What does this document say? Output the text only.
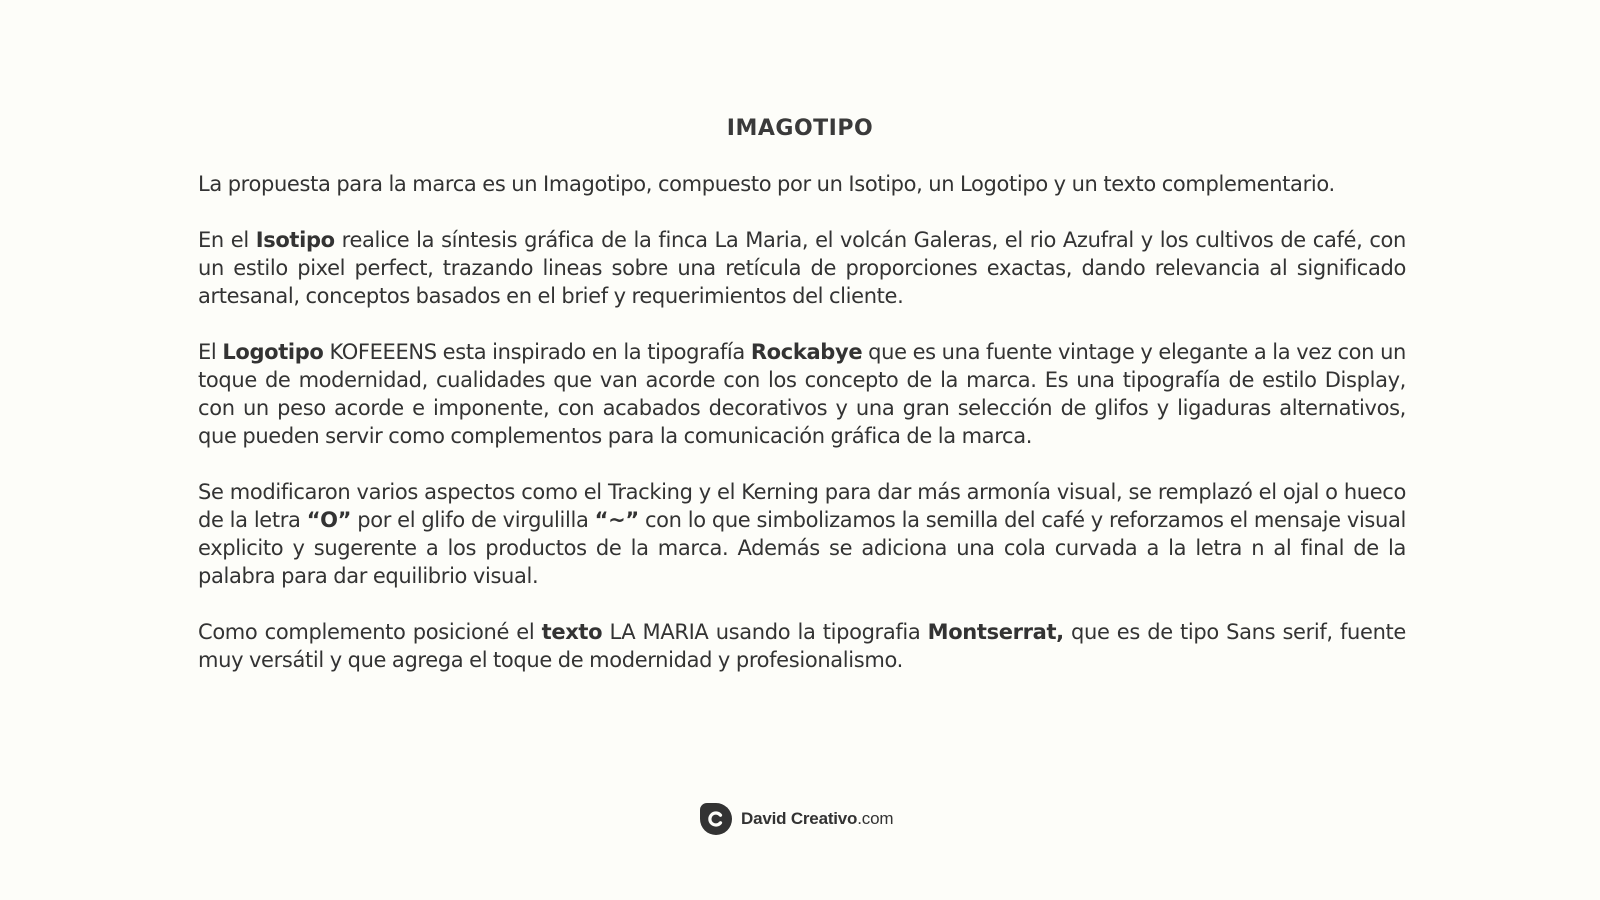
IMAGOTIPO

La propuesta para la marca es un Imagotipo, compuesto por un Isotipo, un Logotipo y un texto complementario.

En el Isotipo realice la síntesis gráfica de la finca La Maria, el volcán Galeras, el rio Azufral y los cultivos de café, con un estilo pixel perfect, trazando lineas sobre una retícula de proporciones exactas, dando relevancia al significado artesanal, conceptos basados en el brief y requerimientos del cliente.

El Logotipo KOFEEENS esta inspirado en la tipografía Rockabye que es una fuente vintage y elegante a la vez con un toque de modernidad, cualidades que van acorde con los concepto de la marca. Es una tipografía de estilo Display, con un peso acorde e imponente, con acabados decorativos y una gran selección de glifos y ligaduras alternativos, que pueden servir como complementos para la comunicación gráfica de la marca.

Se modificaron varios aspectos como el Tracking y el Kerning para dar más armonía visual, se remplazó el ojal o hueco de la letra “O” por el glifo de virgulilla “~” con lo que simbolizamos la semilla del café y reforzamos el mensaje visual explicito y sugerente a los productos de la marca. Además se adiciona una cola curvada a la letra n al final de la palabra para dar equilibrio visual.

Como complemento posicioné el texto LA MARIA usando la tipografia Montserrat, que es de tipo Sans serif, fuente muy versátil y que agrega el toque de modernidad y profesionalismo.

David Creativo.com
